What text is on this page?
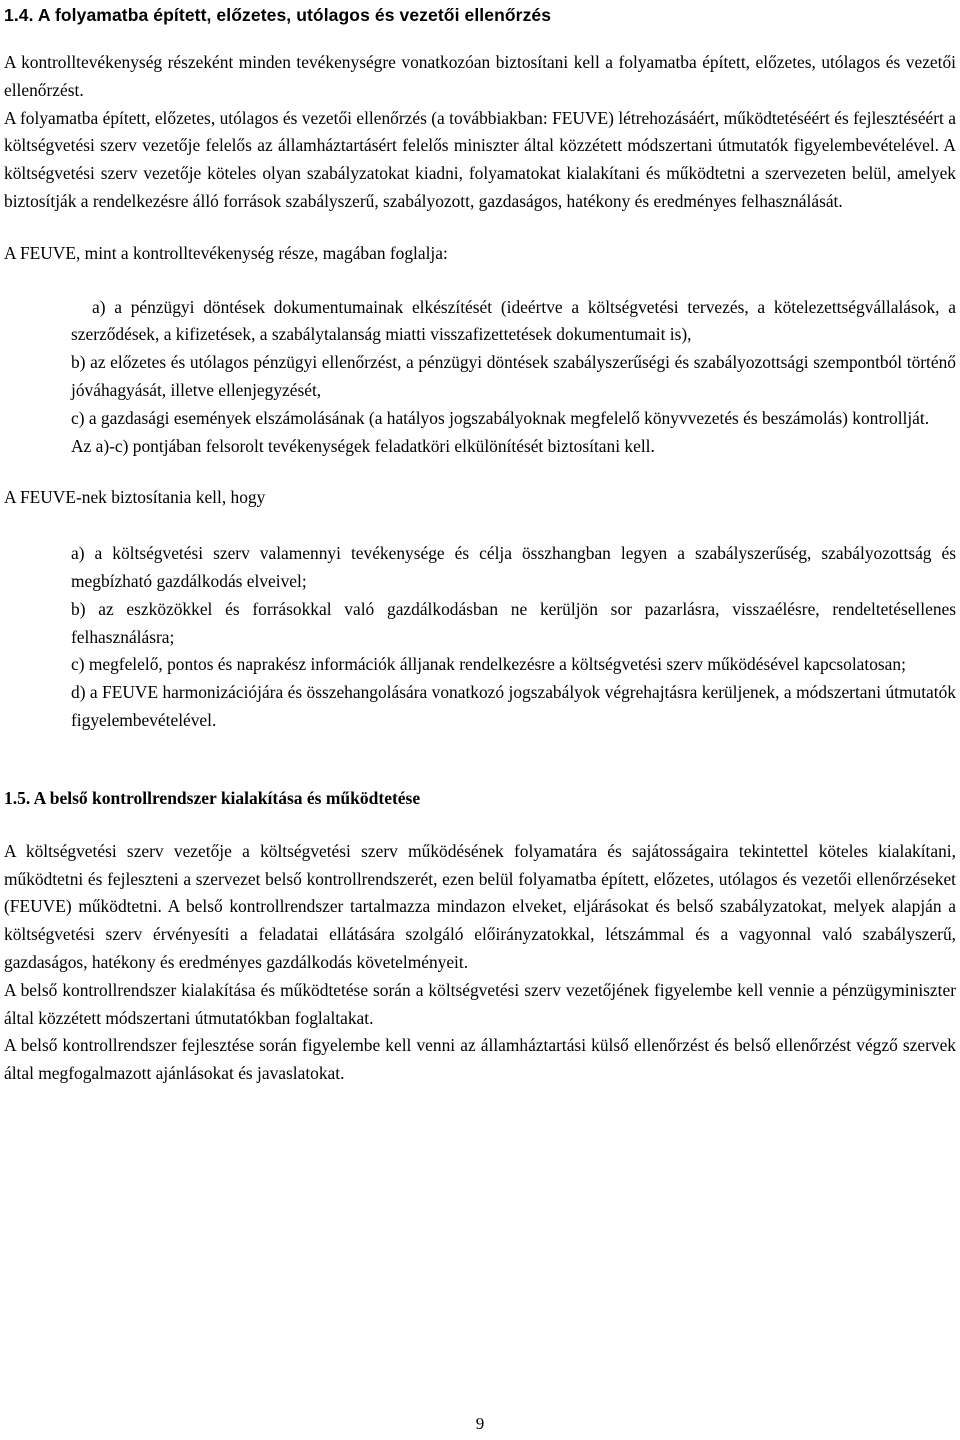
1.4. A folyamatba épített, előzetes, utólagos és vezetői ellenőrzés

A kontrolltevékenység részeként minden tevékenységre vonatkozóan biztosítani kell a folyamatba épített, előzetes, utólagos és vezetői ellenőrzést.

A folyamatba épített, előzetes, utólagos és vezetői ellenőrzés (a továbbiakban: FEUVE) létrehozásáért, működtetéséért és fejlesztéséért a költségvetési szerv vezetője felelős az államháztartásért felelős miniszter által közzétett módszertani útmutatók figyelembevételével. A költségvetési szerv vezetője köteles olyan szabályzatokat kiadni, folyamatokat kialakítani és működtetni a szervezeten belül, amelyek biztosítják a rendelkezésre álló források szabályszerű, szabályozott, gazdaságos, hatékony és eredményes felhasználását.

A FEUVE, mint a kontrolltevékenység része, magában foglalja:

a) a pénzügyi döntések dokumentumainak elkészítését (ideértve a költségvetési tervezés, a kötelezettségvállalások, a szerződések, a kifizetések, a szabálytalanság miatti visszafizettetések dokumentumait is),

b) az előzetes és utólagos pénzügyi ellenőrzést, a pénzügyi döntések szabályszerűségi és szabályozottsági szempontból történő jóváhagyását, illetve ellenjegyzését,

c) a gazdasági események elszámolásának (a hatályos jogszabályoknak megfelelő könyvvezetés és beszámolás) kontrollját.

Az a)-c) pontjában felsorolt tevékenységek feladatköri elkülönítését biztosítani kell.

A FEUVE-nek biztosítania kell, hogy

a) a költségvetési szerv valamennyi tevékenysége és célja összhangban legyen a szabályszerűség, szabályozottság és megbízható gazdálkodás elveivel;

b) az eszközökkel és forrásokkal való gazdálkodásban ne kerüljön sor pazarlásra, visszaélésre, rendeltetésellenes felhasználásra;

c) megfelelő, pontos és naprakész információk álljanak rendelkezésre a költségvetési szerv működésével kapcsolatosan;

d) a FEUVE harmonizációjára és összehangolására vonatkozó jogszabályok végrehajtásra kerüljenek, a módszertani útmutatók figyelembevételével.

1.5. A belső kontrollrendszer kialakítása és működtetése

A költségvetési szerv vezetője a költségvetési szerv működésének folyamatára és sajátosságaira tekintettel köteles kialakítani, működtetni és fejleszteni a szervezet belső kontrollrendszerét, ezen belül folyamatba épített, előzetes, utólagos és vezetői ellenőrzéseket (FEUVE) működtetni. A belső kontrollrendszer tartalmazza mindazon elveket, eljárásokat és belső szabályzatokat, melyek alapján a költségvetési szerv érvényesíti a feladatai ellátására szolgáló előirányzatokkal, létszámmal és a vagyonnal való szabályszerű, gazdaságos, hatékony és eredményes gazdálkodás követelményeit.

A belső kontrollrendszer kialakítása és működtetése során a költségvetési szerv vezetőjének figyelembe kell vennie a pénzügyminiszter által közzétett módszertani útmutatókban foglaltakat.

A belső kontrollrendszer fejlesztése során figyelembe kell venni az államháztartási külső ellenőrzést és belső ellenőrzést végző szervek által megfogalmazott ajánlásokat és javaslatokat.

9
